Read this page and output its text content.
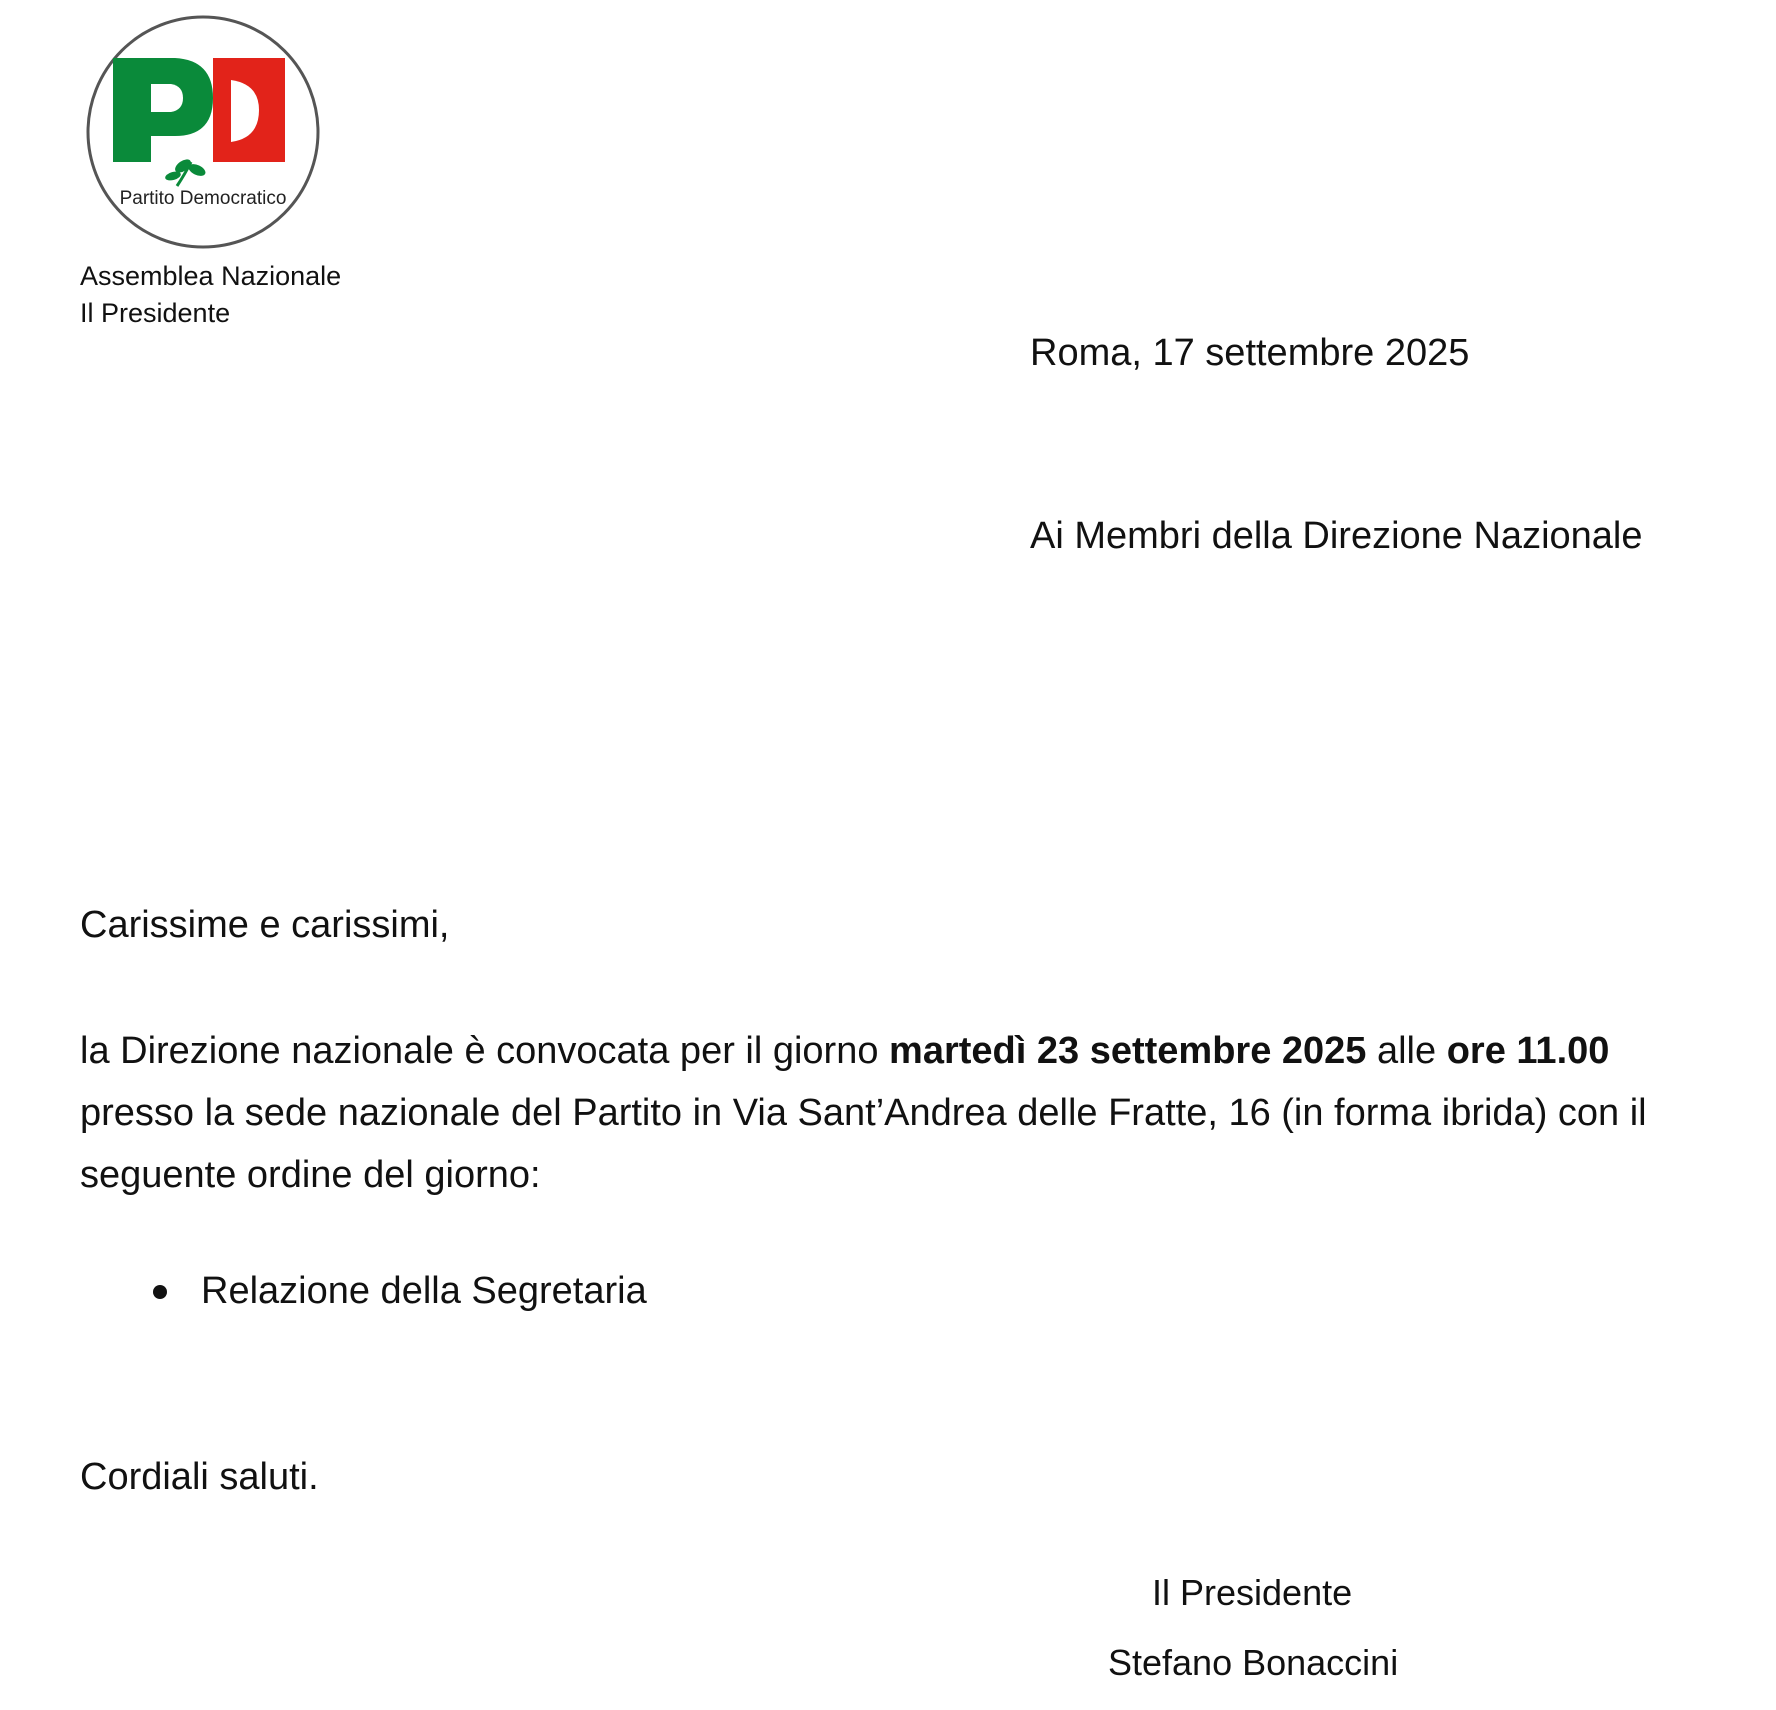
Partito Democratico
Assemblea Nazionale
Il Presidente
Roma, 17 settembre 2025
Ai Membri della Direzione Nazionale
Carissime e carissimi,
la Direzione nazionale è convocata per il giorno martedì 23 settembre 2025 alle ore 11.00 presso la sede nazionale del Partito in Via Sant’Andrea delle Fratte, 16 (in forma ibrida) con il seguente ordine del giorno:
Relazione della Segretaria
Cordiali saluti.
Il Presidente
Stefano Bonaccini
